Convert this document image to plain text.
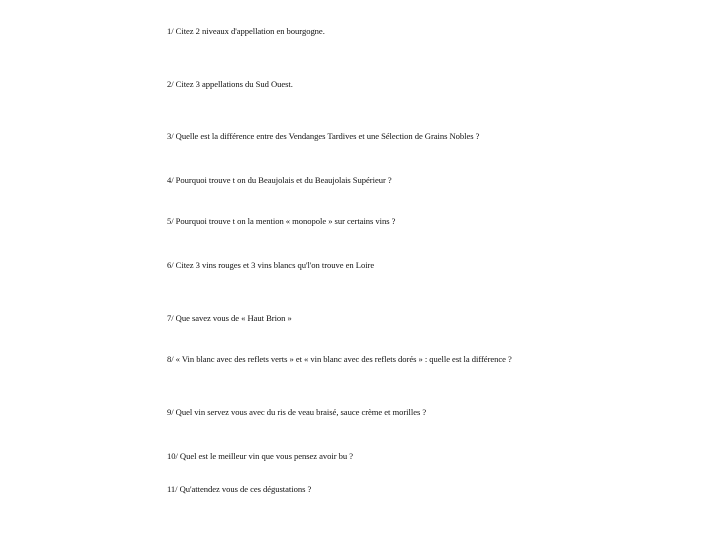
1/ Citez 2 niveaux d'appellation en bourgogne.
2/ Citez 3 appellations du Sud Ouest.
3/ Quelle est la différence entre des Vendanges Tardives et une Sélection de Grains Nobles ?
4/ Pourquoi trouve t on du Beaujolais et du Beaujolais Supérieur ?
5/ Pourquoi trouve t on la mention « monopole » sur certains vins ?
6/ Citez 3 vins rouges et 3 vins blancs qu'l'on trouve en Loire
7/ Que savez vous de « Haut Brion »
8/ « Vin blanc avec des reflets verts » et « vin blanc avec des reflets dorés » : quelle est la différence ?
9/ Quel vin servez vous avec du ris de veau braisé, sauce crème et morilles ?
10/ Quel est le meilleur vin que vous pensez avoir bu ?
11/ Qu'attendez vous de ces dégustations ?
